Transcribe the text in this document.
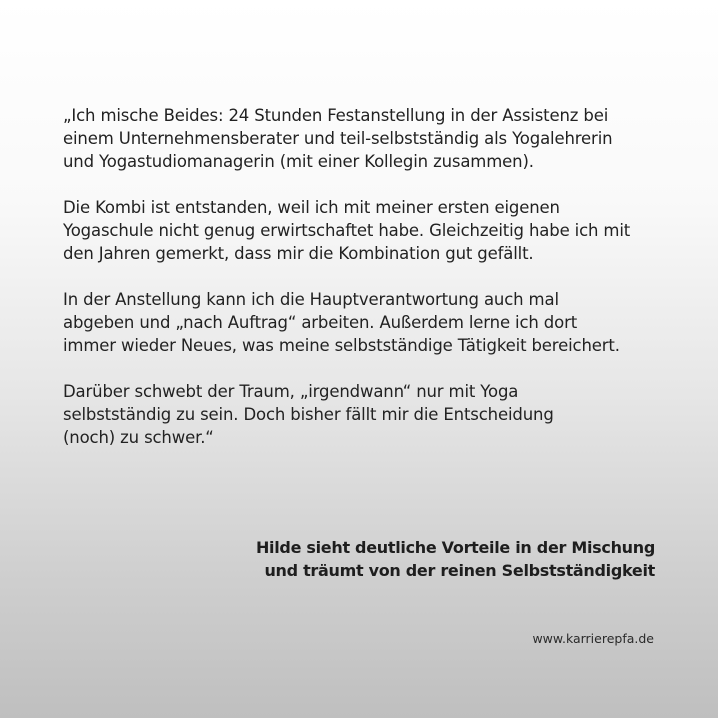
„Ich mische Beides: 24 Stunden Festanstellung in der Assistenz bei
einem Unternehmensberater und teil-selbstständig als Yogalehrerin
und Yogastudiomanagerin (mit einer Kollegin zusammen).

Die Kombi ist entstanden, weil ich mit meiner ersten eigenen
Yogaschule nicht genug erwirtschaftet habe. Gleichzeitig habe ich mit
den Jahren gemerkt, dass mir die Kombination gut gefällt.

In der Anstellung kann ich die Hauptverantwortung auch mal
abgeben und „nach Auftrag“ arbeiten. Außerdem lerne ich dort
immer wieder Neues, was meine selbstständige Tätigkeit bereichert.

Darüber schwebt der Traum, „irgendwann“ nur mit Yoga
selbstständig zu sein. Doch bisher fällt mir die Entscheidung
(noch) zu schwer.“

Hilde sieht deutliche Vorteile in der Mischung
und träumt von der reinen Selbstständigkeit
www.karrierepfa.de
